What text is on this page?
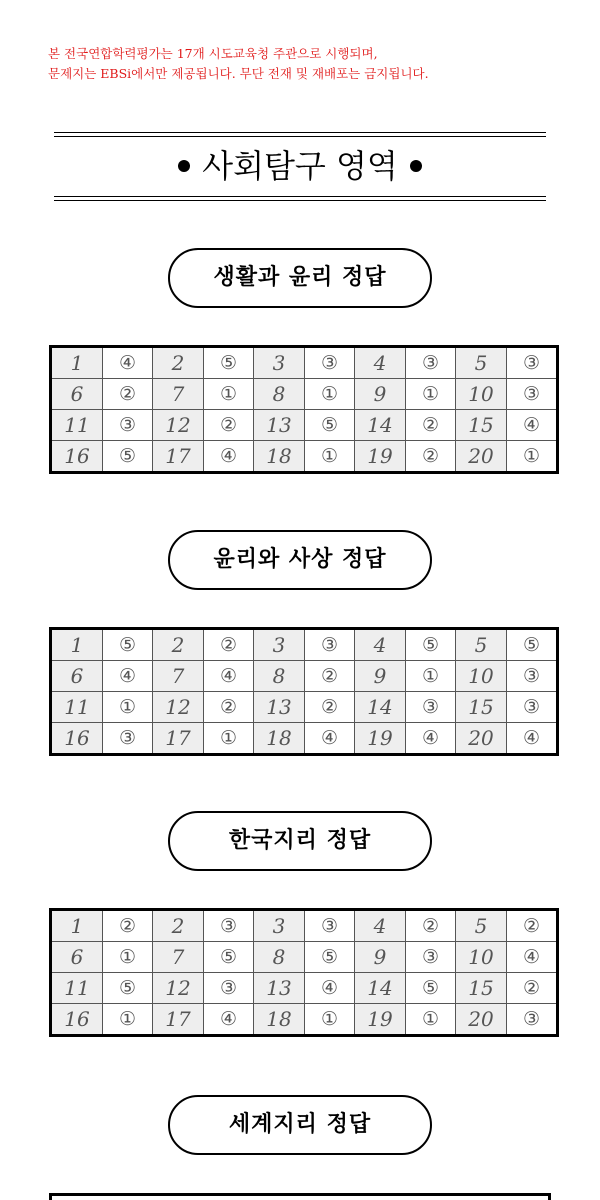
본 전국연합학력평가는 17개 시도교육청 주관으로 시행되며,
문제지는 EBSi에서만 제공됩니다. 무단 전재 및 재배포는 금지됩니다.
사회탐구 영역
생활과 윤리 정답
1	④	2	⑤	3	③	4	③	5	③
6	②	7	①	8	①	9	①	10	③
11	③	12	②	13	⑤	14	②	15	④
16	⑤	17	④	18	①	19	②	20	①
윤리와 사상 정답
1	⑤	2	②	3	③	4	⑤	5	⑤
6	④	7	④	8	②	9	①	10	③
11	①	12	②	13	②	14	③	15	③
16	③	17	①	18	④	19	④	20	④
한국지리 정답
1	②	2	③	3	③	4	②	5	②
6	①	7	⑤	8	⑤	9	③	10	④
11	⑤	12	③	13	④	14	⑤	15	②
16	①	17	④	18	①	19	①	20	③
세계지리 정답
